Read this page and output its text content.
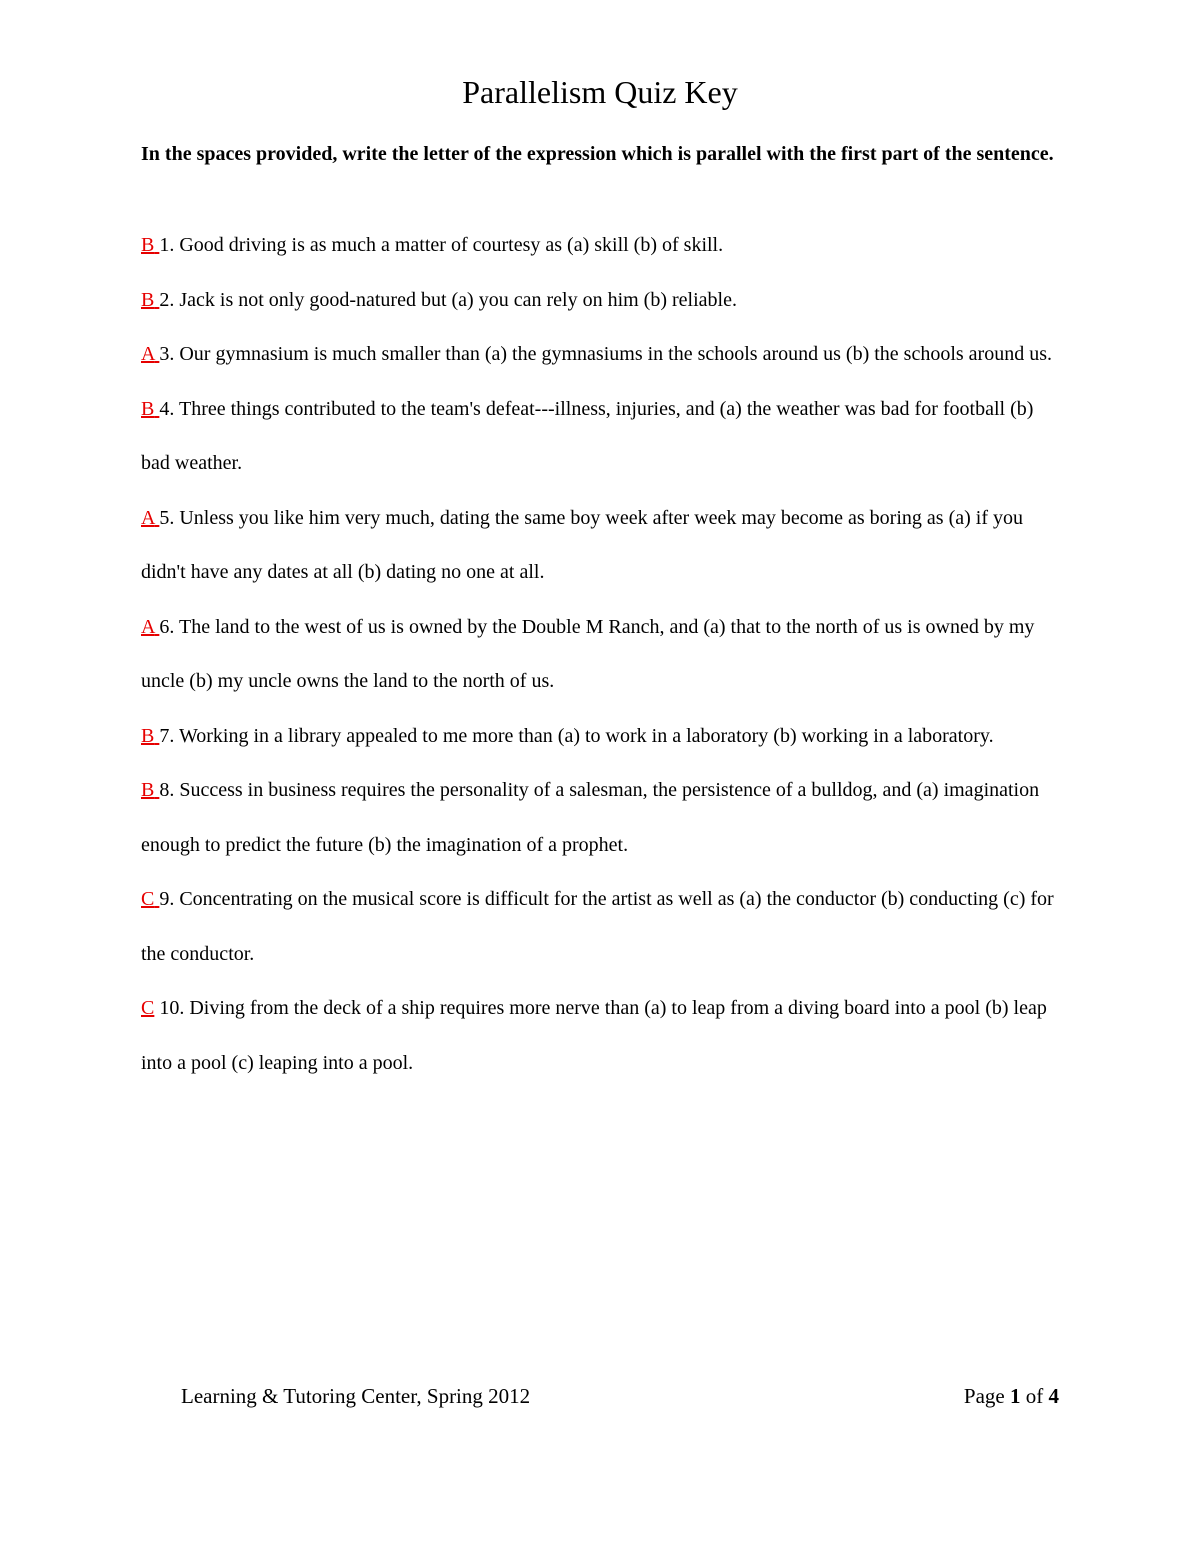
Parallelism Quiz Key
In the spaces provided, write the letter of the expression which is parallel with the first part of the sentence.
B 1. Good driving is as much a matter of courtesy as (a) skill (b) of skill.
B 2. Jack is not only good-natured but (a) you can rely on him (b) reliable.
A 3. Our gymnasium is much smaller than (a) the gymnasiums in the schools around us (b) the schools around us.
B 4. Three things contributed to the team's defeat---illness, injuries, and (a) the weather was bad for football (b) bad weather.
A 5. Unless you like him very much, dating the same boy week after week may become as boring as (a) if you didn't have any dates at all (b) dating no one at all.
A 6. The land to the west of us is owned by the Double M Ranch, and (a) that to the north of us is owned by my uncle (b) my uncle owns the land to the north of us.
B 7. Working in a library appealed to me more than (a) to work in a laboratory (b) working in a laboratory.
B 8. Success in business requires the personality of a salesman, the persistence of a bulldog, and (a) imagination enough to predict the future (b) the imagination of a prophet.
C 9. Concentrating on the musical score is difficult for the artist as well as (a) the conductor (b) conducting (c) for the conductor.
C 10. Diving from the deck of a ship requires more nerve than (a) to leap from a diving board into a pool (b) leap into a pool (c) leaping into a pool.
Learning & Tutoring Center, Spring 2012	Page 1 of 4
